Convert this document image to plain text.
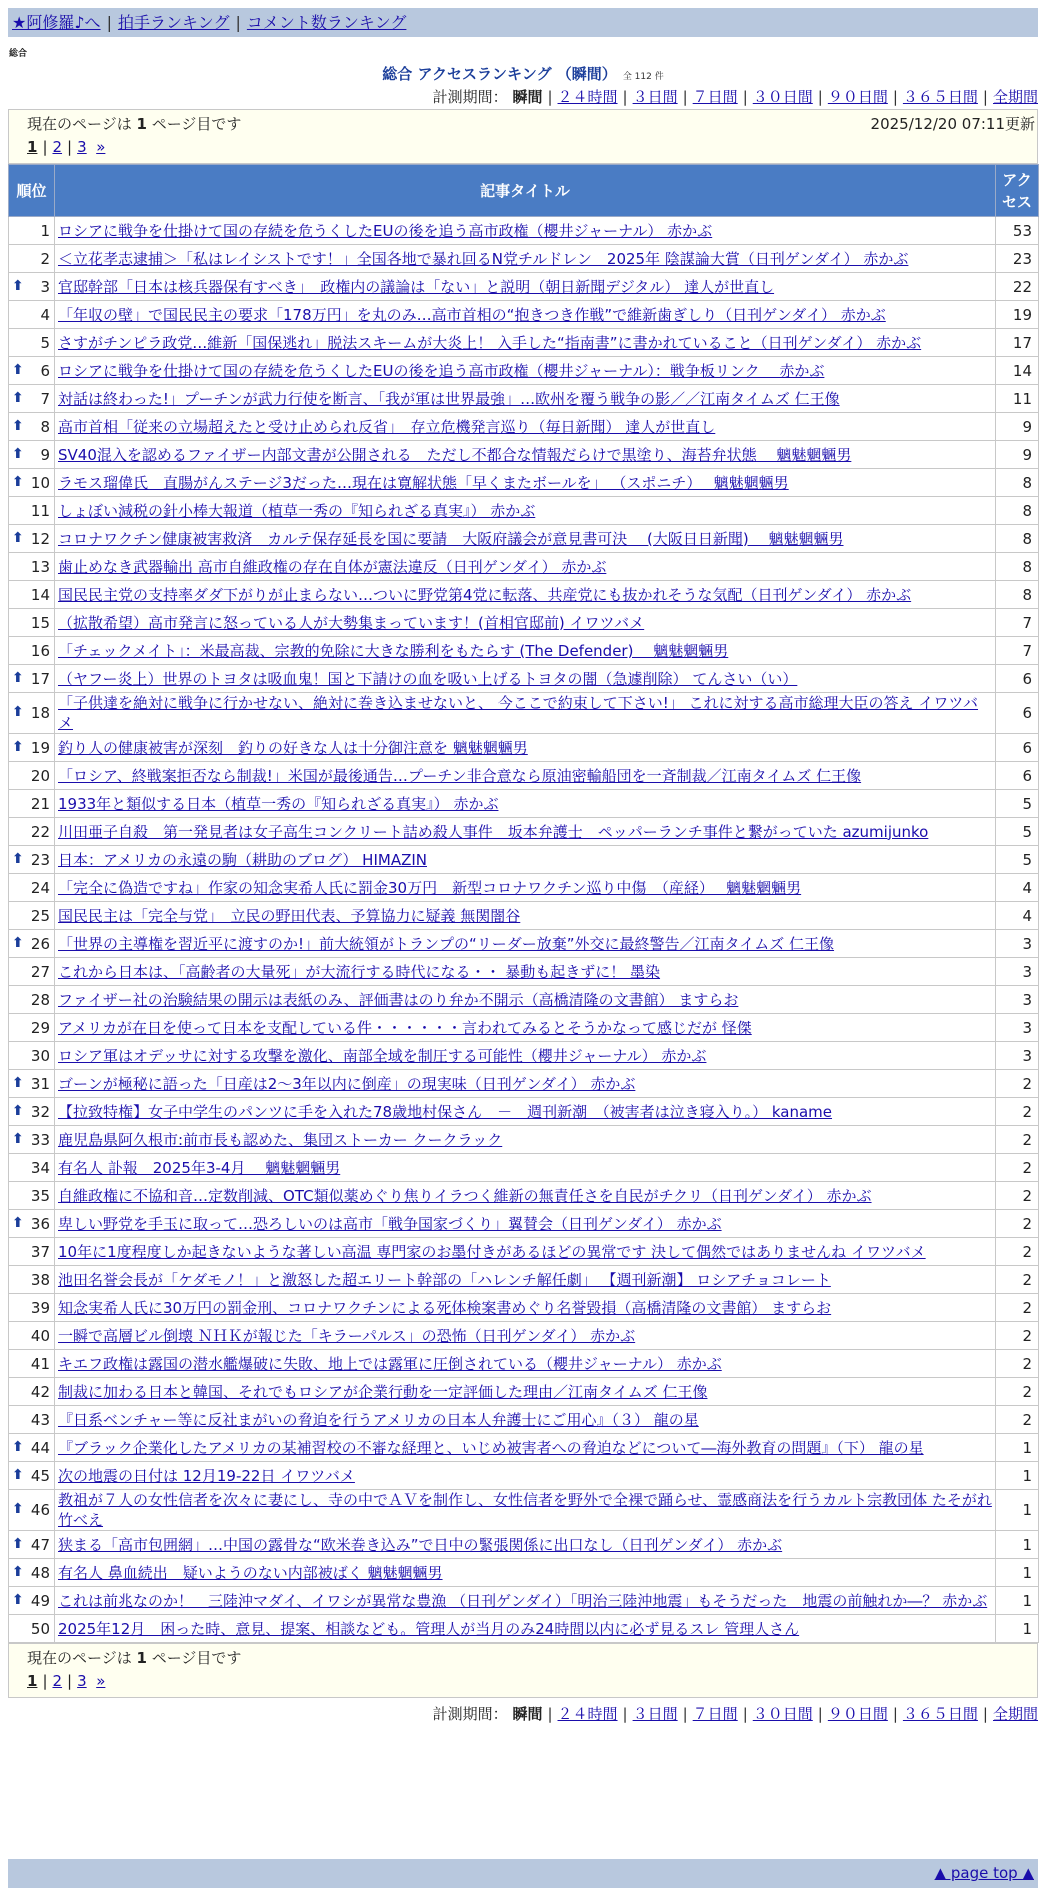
★阿修羅♪へ | 拍手ランキング | コメント数ランキング
総合
総合 アクセスランキング （瞬間） 全 112 件
計測期間： 瞬間 | ２４時間 | ３日間 | ７日間 | ３０日間 | ９０日間 | ３６５日間 | 全期間
現在のページは 1 ページ目です	2025/12/20 07:11更新
1 | 2 | 3 »
順位	記事タイトル	アクセス
1	ロシアに戦争を仕掛けて国の存続を危うくしたEUの後を追う高市政権（櫻井ジャーナル） 赤かぶ	53
2	＜立花孝志逮捕＞「私はレイシストです！」全国各地で暴れ回るN党チルドレン　2025年 陰謀論大賞（日刊ゲンダイ） 赤かぶ	23

⬆ 3	官邸幹部「日本は核兵器保有すべき」　政権内の議論は「ない」と説明（朝日新聞デジタル） 達人が世直し	22
4	「年収の壁」で国民民主の要求「178万円」を丸のみ…高市首相の“抱きつき作戦”で維新歯ぎしり（日刊ゲンダイ） 赤かぶ	19
5	さすがチンピラ政党…維新「国保逃れ」脱法スキームが大炎上！ 入手した“指南書”に書かれていること（日刊ゲンダイ） 赤かぶ	17

⬆ 6	ロシアに戦争を仕掛けて国の存続を危うくしたEUの後を追う高市政権（櫻井ジャーナル）：戦争板リンク　 赤かぶ	14

⬆ 7	対話は終わった!」プーチンが武力行使を断言、「我が軍は世界最強」…欧州を覆う戦争の影／／江南タイムズ 仁王像	11

⬆ 8	高市首相「従来の立場超えたと受け止められ反省」　存立危機発言巡り（毎日新聞） 達人が世直し	9

⬆ 9	SV40混入を認めるファイザー内部文書が公開される　ただし不都合な情報だらけで黒塗り、海苔弁状態　 魑魅魍魎男	9

⬆ 10	ラモス瑠偉氏　直腸がんステージ3だった…現在は寛解状態「早くまたボールを」 （スポニチ）　 魑魅魍魎男	8
11	しょぼい減税の針小棒大報道（植草一秀の『知られざる真実』） 赤かぶ	8

⬆ 12	コロナワクチン健康被害救済　カルテ保存延長を国に要請　大阪府議会が意見書可決　 (大阪日日新聞)　 魑魅魍魎男	8
13	歯止めなき武器輸出 高市自維政権の存在自体が憲法違反（日刊ゲンダイ） 赤かぶ	8
14	国民民主党の支持率ダダ下がりが止まらない…ついに野党第4党に転落、共産党にも抜かれそうな気配（日刊ゲンダイ） 赤かぶ	8
15	（拡散希望）高市発言に怒っている人が大勢集まっています！(首相官邸前) イワツバメ	7
16	「チェックメイト」：米最高裁、宗教的免除に大きな勝利をもたらす (The Defender)　 魑魅魍魎男	7

⬆ 17	（ヤフー炎上）世界のトヨタは吸血鬼！国と下請けの血を吸い上げるトヨタの闇（急遽削除） てんさい（い）	6

⬆ 18	「子供達を絶対に戦争に行かせない、絶対に巻き込ませないと、 今ここで約束して下さい!」 これに対する高市総理大臣の答え イワツバメ	6

⬆ 19	釣り人の健康被害が深刻　釣りの好きな人は十分御注意を 魑魅魍魎男	6
20	「ロシア、終戦案拒否なら制裁!」米国が最後通告…プーチン非合意なら原油密輸船団を一斉制裁／江南タイムズ 仁王像	6
21	1933年と類似する日本（植草一秀の『知られざる真実』） 赤かぶ	5
22	川田亜子自殺　第一発見者は女子高生コンクリート詰め殺人事件　坂本弁護士　ペッパーランチ事件と繋がっていた azumijunko	5

⬆ 23	日本：アメリカの永遠の駒（耕助のブログ） HIMAZIN	5
24	「完全に偽造ですね」作家の知念実希人氏に罰金30万円　新型コロナワクチン巡り中傷　（産経）　 魑魅魍魎男	4
25	国民民主は「完全与党」　立民の野田代表、予算協力に疑義 無関闇谷	4

⬆ 26	「世界の主導権を習近平に渡すのか!」前大統領がトランプの“リーダー放棄”外交に最終警告／江南タイムズ 仁王像	3
27	これから日本は、「高齢者の大量死」が大流行する時代になる・・ 暴動も起きずに！ 墨染	3
28	ファイザー社の治験結果の開示は表紙のみ、評価書はのり弁か不開示（高橋清隆の文書館） ますらお	3
29	アメリカが在日を使って日本を支配している件・・・・・・言われてみるとそうかなって感じだが 怪傑	3
30	ロシア軍はオデッサに対する攻撃を激化、南部全域を制圧する可能性（櫻井ジャーナル） 赤かぶ	3

⬆ 31	ゴーンが極秘に語った「日産は2～3年以内に倒産」の現実味（日刊ゲンダイ） 赤かぶ	2

⬆ 32	【拉致特権】女子中学生のパンツに手を入れた78歳地村保さん　－　週刊新潮　（被害者は泣き寝入り。） kaname	2

⬆ 33	鹿児島県阿久根市:前市長も認めた、集団ストーカー クークラック	2
34	有名人 訃報　2025年3-4月　 魑魅魍魎男	2
35	自維政権に不協和音…定数削減、OTC類似薬めぐり焦りイラつく維新の無責任さを自民がチクリ（日刊ゲンダイ） 赤かぶ	2

⬆ 36	卑しい野党を手玉に取って…恐ろしいのは高市「戦争国家づくり」翼賛会（日刊ゲンダイ） 赤かぶ	2
37	10年に1度程度しか起きないような著しい高温 専門家のお墨付きがあるほどの異常です 決して偶然ではありませんね イワツバメ	2
38	池田名誉会長が「ケダモノ！」と激怒した超エリート幹部の「ハレンチ解任劇」 【週刊新潮】 ロシアチョコレート	2
39	知念実希人氏に30万円の罰金刑、コロナワクチンによる死体検案書めぐり名誉毀損（高橋清隆の文書館） ますらお	2
40	一瞬で高層ビル倒壊 ＮＨＫが報じた「キラーパルス」の恐怖（日刊ゲンダイ） 赤かぶ	2
41	キエフ政権は露国の潜水艦爆破に失敗、地上では露軍に圧倒されている（櫻井ジャーナル） 赤かぶ	2
42	制裁に加わる日本と韓国、それでもロシアが企業行動を一定評価した理由／江南タイムズ 仁王像	2
43	『日系ベンチャー等に反社まがいの脅迫を行うアメリカの日本人弁護士にご用心』（３） 龍の星	2

⬆ 44	『ブラック企業化したアメリカの某補習校の不審な経理と、いじめ被害者への脅迫などについて―海外教育の問題』（下） 龍の星	1

⬆ 45	次の地震の日付は 12月19-22日 イワツバメ	1

⬆ 46	教祖が７人の女性信者を次々に妻にし、寺の中でＡＶを制作し、女性信者を野外で全裸で踊らせ、霊感商法を行うカルト宗教団体 たそがれ竹べえ	1

⬆ 47	狭まる「高市包囲網」…中国の露骨な“欧米巻き込み”で日中の緊張関係に出口なし（日刊ゲンダイ） 赤かぶ	1

⬆ 48	有名人 鼻血続出　疑いようのない内部被ばく 魑魅魍魎男	1

⬆ 49	これは前兆なのか！　三陸沖マダイ、イワシが異常な豊漁 （日刊ゲンダイ）「明治三陸沖地震」もそうだった　地震の前触れか―？ 赤かぶ	1
50	2025年12月　困った時、意見、提案、相談なども。管理人が当月のみ24時間以内に必ず見るスレ 管理人さん	1
現在のページは 1 ページ目です
1 | 2 | 3 »
計測期間： 瞬間 | ２４時間 | ３日間 | ７日間 | ３０日間 | ９０日間 | ３６５日間 | 全期間
▲ page top ▲
